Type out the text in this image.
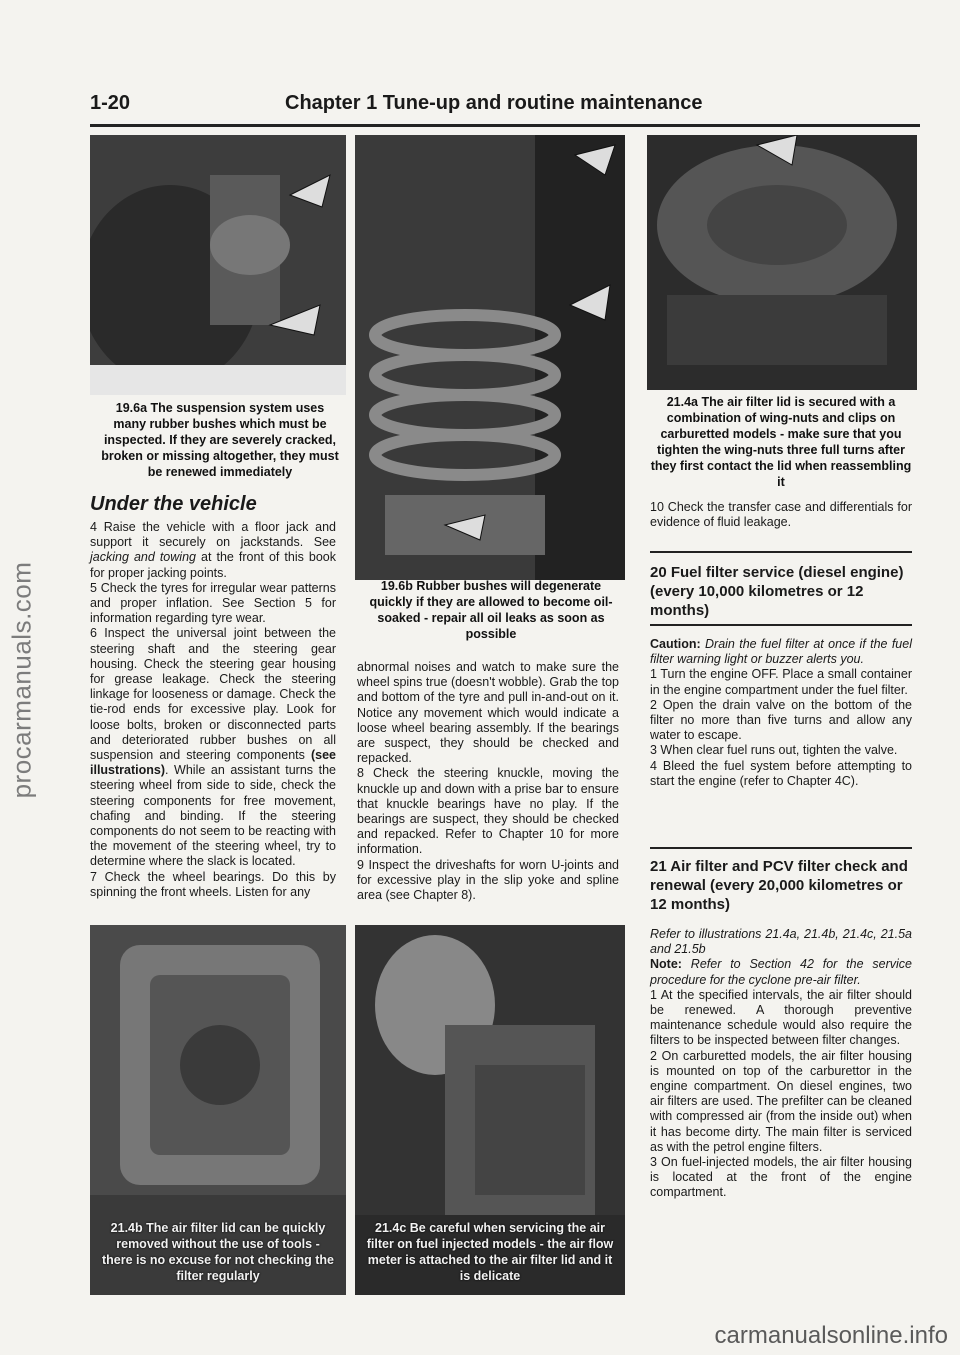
procarmanuals.com
1-20	Chapter 1 Tune-up and routine maintenance
19.6a The suspension system uses many rubber bushes which must be inspected. If they are severely cracked, broken or missing altogether, they must be renewed immediately
19.6b Rubber bushes will degenerate quickly if they are allowed to become oil-soaked - repair all oil leaks as soon as possible
21.4a The air filter lid is secured with a combination of wing-nuts and clips on carburetted models - make sure that you tighten the wing-nuts three full turns after they first contact the lid when reassembling it
Under the vehicle

4 Raise the vehicle with a floor jack and support it securely on jackstands. See jacking and towing at the front of this book for proper jacking points.

5 Check the tyres for irregular wear patterns and proper inflation. See Section 5 for information regarding tyre wear.

6 Inspect the universal joint between the steering shaft and the steering gear housing. Check the steering gear housing for grease leakage. Check the steering linkage for looseness or damage. Check the tie-rod ends for excessive play. Look for loose bolts, broken or disconnected parts and deteriorated rubber bushes on all suspension and steering components (see illustrations). While an assistant turns the steering wheel from side to side, check the steering components for free movement, chafing and binding. If the steering components do not seem to be reacting with the movement of the steering wheel, try to determine where the slack is located.

7 Check the wheel bearings. Do this by spinning the front wheels. Listen for any

abnormal noises and watch to make sure the wheel spins true (doesn't wobble). Grab the top and bottom of the tyre and pull in-and-out on it. Notice any movement which would indicate a loose wheel bearing assembly. If the bearings are suspect, they should be checked and repacked.

8 Check the steering knuckle, moving the knuckle up and down with a prise bar to ensure that knuckle bearings have no play. If the bearings are suspect, they should be checked and repacked. Refer to Chapter 10 for more information.

9 Inspect the driveshafts for worn U-joints and for excessive play in the slip yoke and spline area (see Chapter 8).

10 Check the transfer case and differentials for evidence of fluid leakage.
20 Fuel filter service (diesel engine) (every 10,000 kilometres or 12 months)

Caution: Drain the fuel filter at once if the fuel filter warning light or buzzer alerts you.

1 Turn the engine OFF. Place a small container in the engine compartment under the fuel filter.

2 Open the drain valve on the bottom of the filter no more than five turns and allow any water to escape.

3 When clear fuel runs out, tighten the valve.

4 Bleed the fuel system before attempting to start the engine (refer to Chapter 4C).

21 Air filter and PCV filter check and renewal (every 20,000 kilometres or 12 months)

Refer to illustrations 21.4a, 21.4b, 21.4c, 21.5a and 21.5b

Note: Refer to Section 42 for the service procedure for the cyclone pre-air filter.

1 At the specified intervals, the air filter should be renewed. A thorough preventive maintenance schedule would also require the filters to be inspected between filter changes.

2 On carburetted models, the air filter housing is mounted on top of the carburettor in the engine compartment. On diesel engines, two air filters are used. The prefilter can be cleaned with compressed air (from the inside out) when it has become dirty. The main filter is serviced as with the petrol engine filters.

3 On fuel-injected models, the air filter housing is located at the front of the engine compartment.

21.4b The air filter lid can be quickly removed without the use of tools - there is no excuse for not checking the filter regularly
21.4c Be careful when servicing the air filter on fuel injected models - the air flow meter is attached to the air filter lid and it is delicate
carmanualsonline.info
